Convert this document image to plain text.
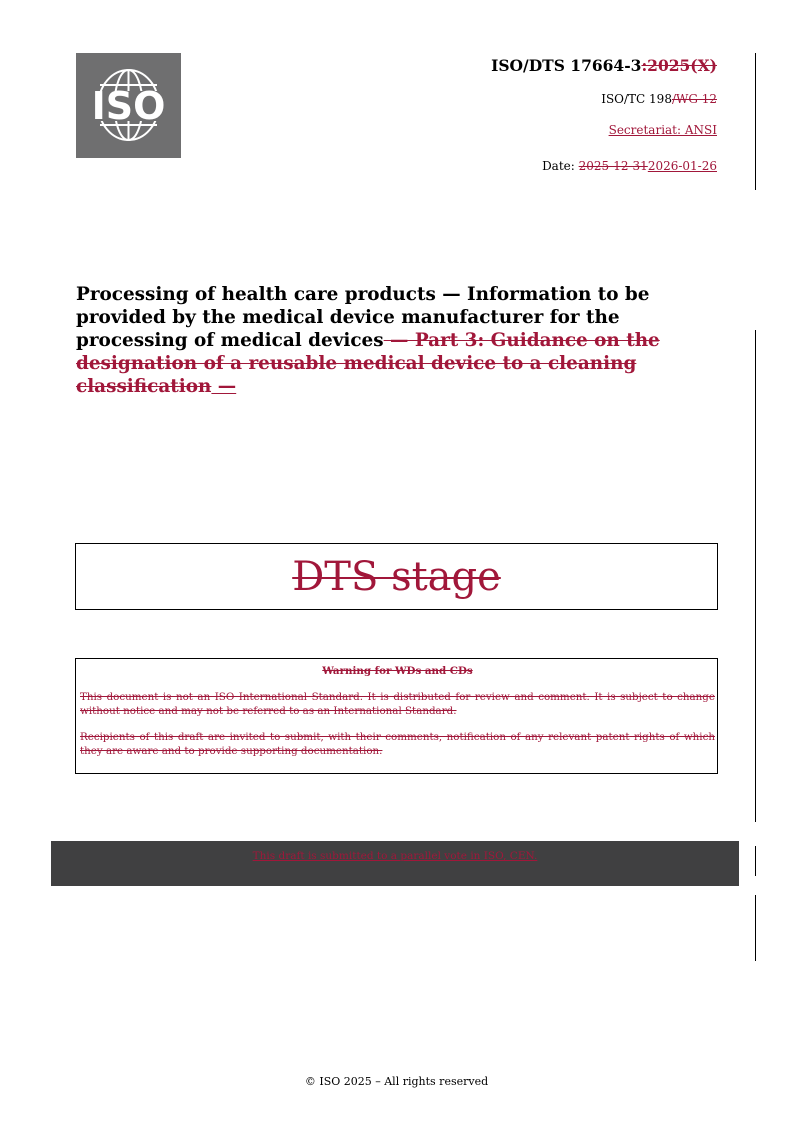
ISO
ISO/DTS 17664-3:2025(X)
ISO/TC 198/WG 12
Secretariat: ANSI
Date: 2025-12-312026-01-26
Processing of health care products — Information to be provided by the medical device manufacturer for the processing of medical devices — Part 3: Guidance on the designation of a reusable medical device to a cleaning classification —
DTS stage
Warning for WDs and CDs
This document is not an ISO International Standard. It is distributed for review and comment. It is subject to change without notice and may not be referred to as an International Standard.
Recipients of this draft are invited to submit, with their comments, notification of any relevant patent rights of which they are aware and to provide supporting documentation.
This draft is submitted to a parallel vote in ISO, CEN.
© ISO 2025 – All rights reserved
